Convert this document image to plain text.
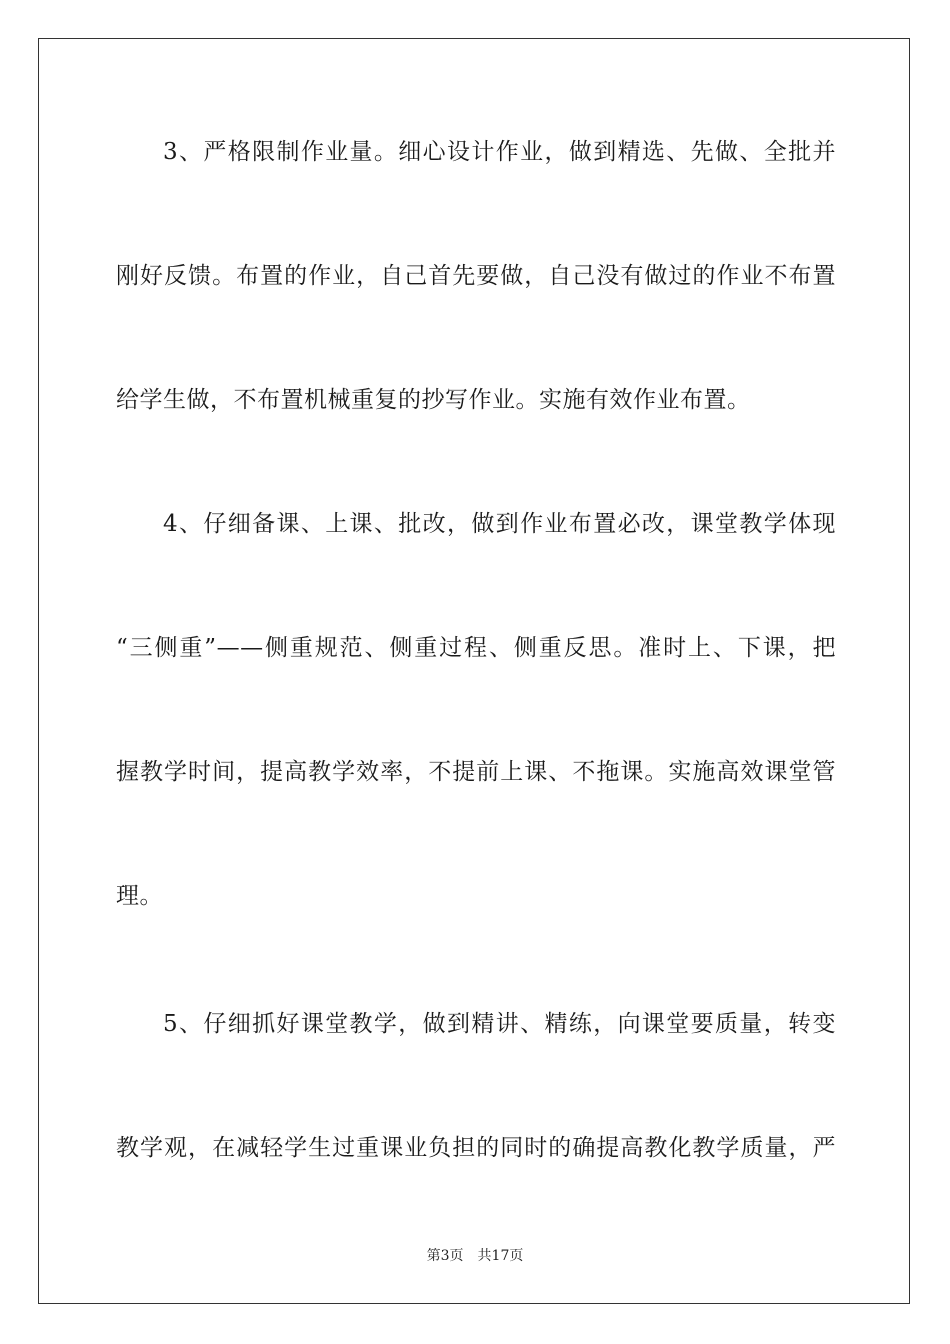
3、严格限制作业量。细心设计作业，做到精选、先做、全批并
刚好反馈。布置的作业，自己首先要做，自己没有做过的作业不布置
给学生做，不布置机械重复的抄写作业。实施有效作业布置。
4、仔细备课、上课、批改，做到作业布置必改，课堂教学体现
“三侧重”——侧重规范、侧重过程、侧重反思。准时上、下课，把
握教学时间，提高教学效率，不提前上课、不拖课。实施高效课堂管
理。
5、仔细抓好课堂教学，做到精讲、精练，向课堂要质量，转变
教学观，在减轻学生过重课业负担的同时的确提高教化教学质量，严
第3页 共17页
